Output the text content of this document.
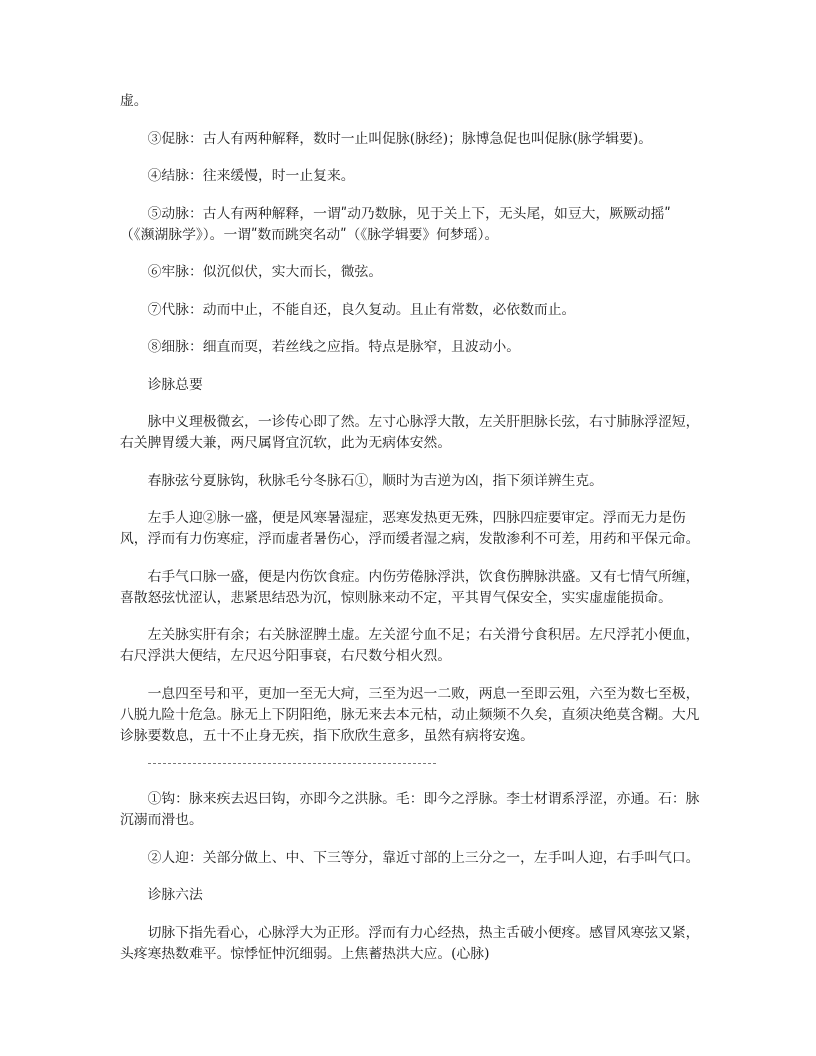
虚。

③促脉：古人有两种解释，数时一止叫促脉(脉经)；脉博急促也叫促脉(脉学辑要)。

④结脉：往来缓慢，时一止复来。

⑤动脉：古人有两种解释，一谓ʺ动乃数脉，见于关上下，无头尾，如豆大，厥厥动摇ʺ（《濒湖脉学》）。一谓ʺ数而跳突名动ʺ（《脉学辑要》何梦瑶）。

⑥牢脉：似沉似伏，实大而长，微弦。

⑦代脉：动而中止，不能自还，良久复动。且止有常数，必依数而止。

⑧细脉：细直而耎，若丝线之应指。特点是脉窄，且波动小。

诊脉总要

脉中义理极微玄，一诊传心即了然。左寸心脉浮大散，左关肝胆脉长弦，右寸肺脉浮涩短，右关脾胃缓大兼，两尺属肾宜沉软，此为无病体安然。

春脉弦兮夏脉钩，秋脉毛兮冬脉石①，顺时为吉逆为凶，指下须详辨生克。

左手人迎②脉一盛，便是风寒暑湿症，恶寒发热更无殊，四脉四症要审定。浮而无力是伤风，浮而有力伤寒症，浮而虚者暑伤心，浮而缓者湿之病，发散渗利不可差，用药和平保元命。

右手气口脉一盛，便是内伤饮食症。内伤劳倦脉浮洪，饮食伤脾脉洪盛。又有七情气所缠，喜散怒弦忧涩认，悲紧思结恐为沉，惊则脉来动不定，平其胃气保安全，实实虚虚能损命。

左关脉实肝有余；右关脉涩脾土虚。左关涩兮血不足；右关滑兮食积居。左尺浮芤小便血，右尺浮洪大便结，左尺迟兮阳事衰，右尺数兮相火烈。

一息四至号和平，更加一至无大疴，三至为迟一二败，两息一至即云殂，六至为数七至极，八脱九险十危急。脉无上下阴阳绝，脉无来去本元枯，动止频频不久矣，直须决绝莫含糊。大凡诊脉要数息，五十不止身无疾，指下欣欣生意多，虽然有病将安逸。

①钩：脉来疾去迟曰钩，亦即今之洪脉。毛：即今之浮脉。李士材谓系浮涩，亦通。石：脉沉溺而滑也。

②人迎：关部分做上、中、下三等分，靠近寸部的上三分之一，左手叫人迎，右手叫气口。

诊脉六法

切脉下指先看心，心脉浮大为正形。浮而有力心经热，热主舌破小便疼。感冒风寒弦又紧，头疼寒热数难平。惊悸怔忡沉细弱。上焦蓄热洪大应。(心脉)
